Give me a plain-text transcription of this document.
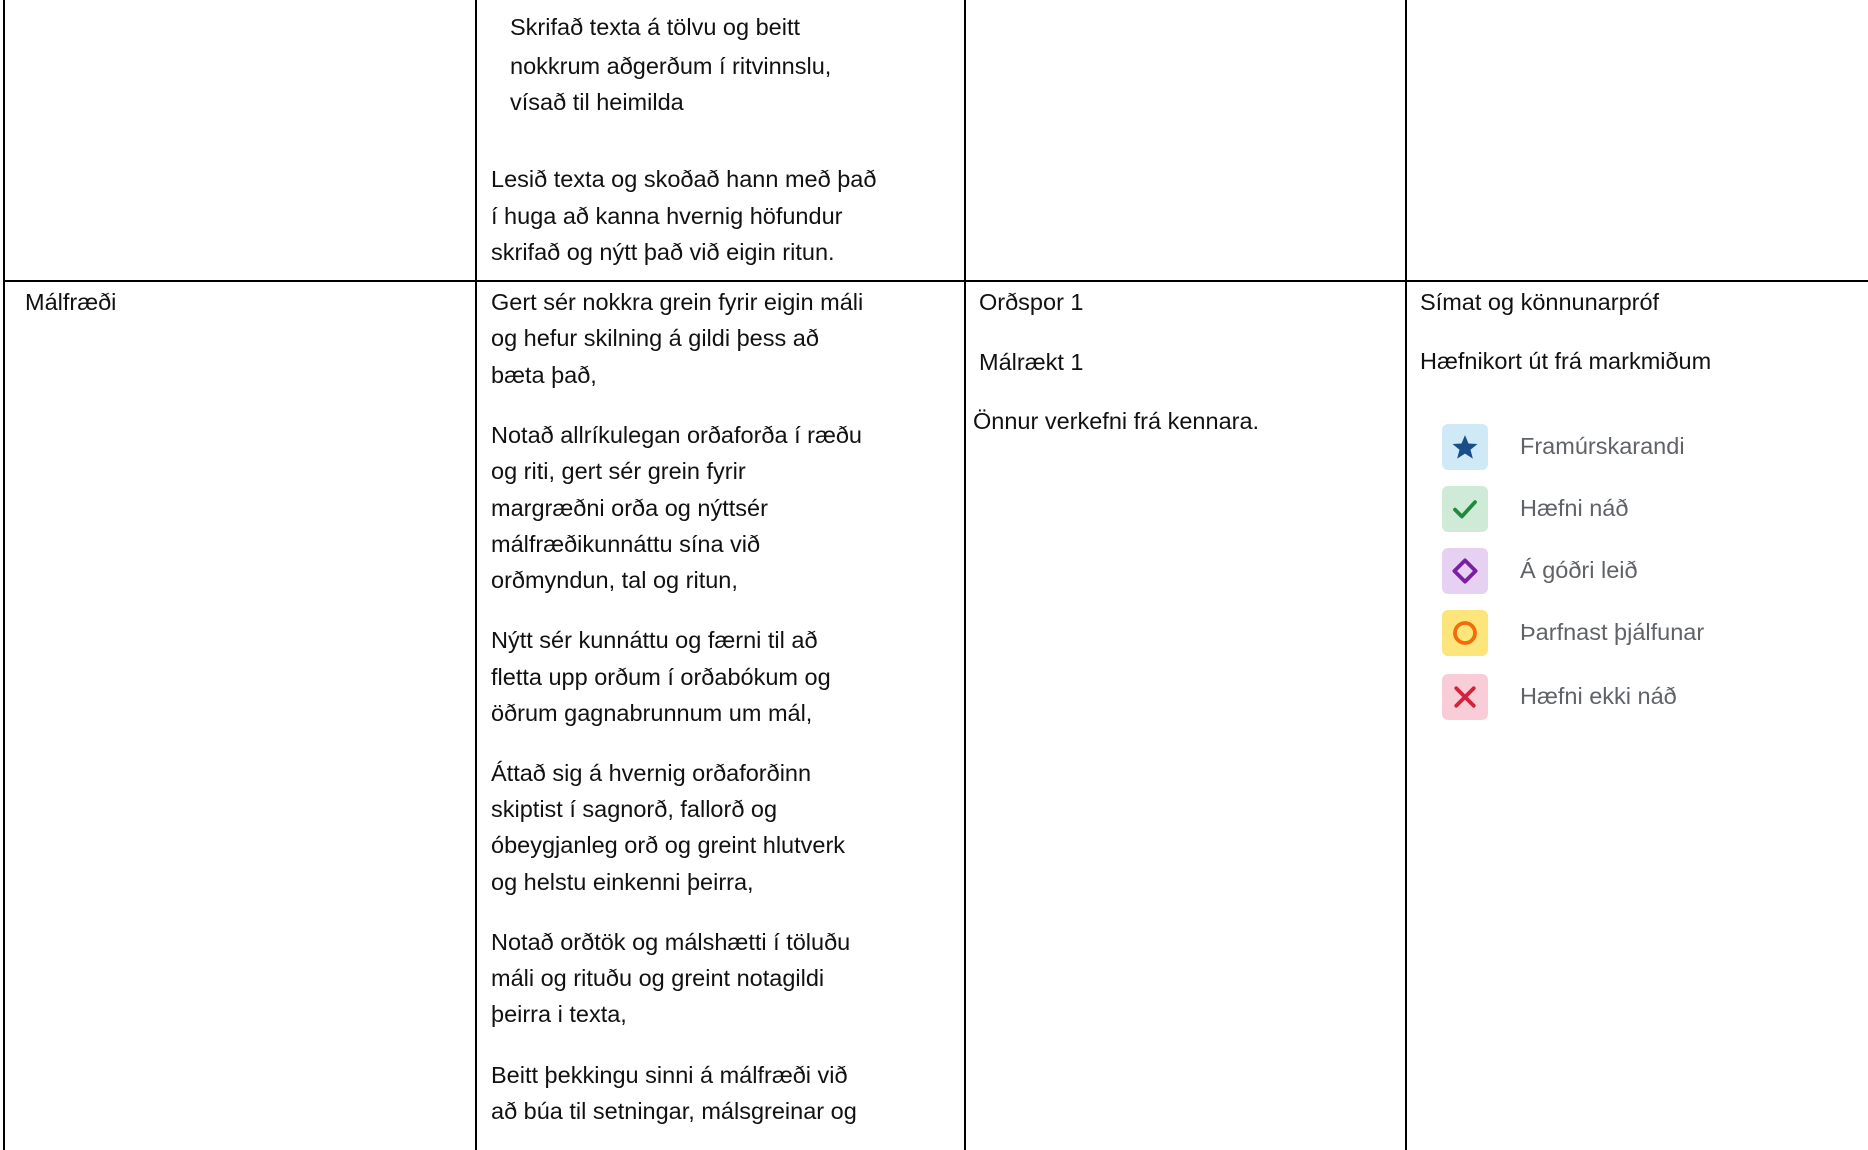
Skrifað texta á tölvu og beitt

nokkrum aðgerðum í ritvinnslu,

vísað til heimilda

Lesið texta og skoðað hann með það

í huga að kanna hvernig höfundur

skrifað og nýtt það við eigin ritun.

Málfræði	Gert sér nokkra grein fyrir eigin máli

og hefur skilning á gildi þess að

bæta það,

Notað allríkulegan orðaforða í ræðu

og riti, gert sér grein fyrir

margræðni orða og nýttsér

málfræðikunnáttu sína við

orðmyndun, tal og ritun,

Nýtt sér kunnáttu og færni til að

fletta upp orðum í orðabókum og

öðrum gagnabrunnum um mál,

Áttað sig á hvernig orðaforðinn

skiptist í sagnorð, fallorð og

óbeygjanleg orð og greint hlutverk

og helstu einkenni þeirra,

Notað orðtök og málshætti í töluðu

máli og rituðu og greint notagildi

þeirra i texta,

Beitt þekkingu sinni á málfræði við

að búa til setningar, málsgreinar og

Orðspor 1

Málrækt 1

Önnur verkefni frá kennara.

Símat og könnunarpróf

Hæfnikort út frá markmiðum

Framúrskarandi
Hæfni náð
Á góðri leið
Þarfnast þjálfunar
Hæfni ekki náð
